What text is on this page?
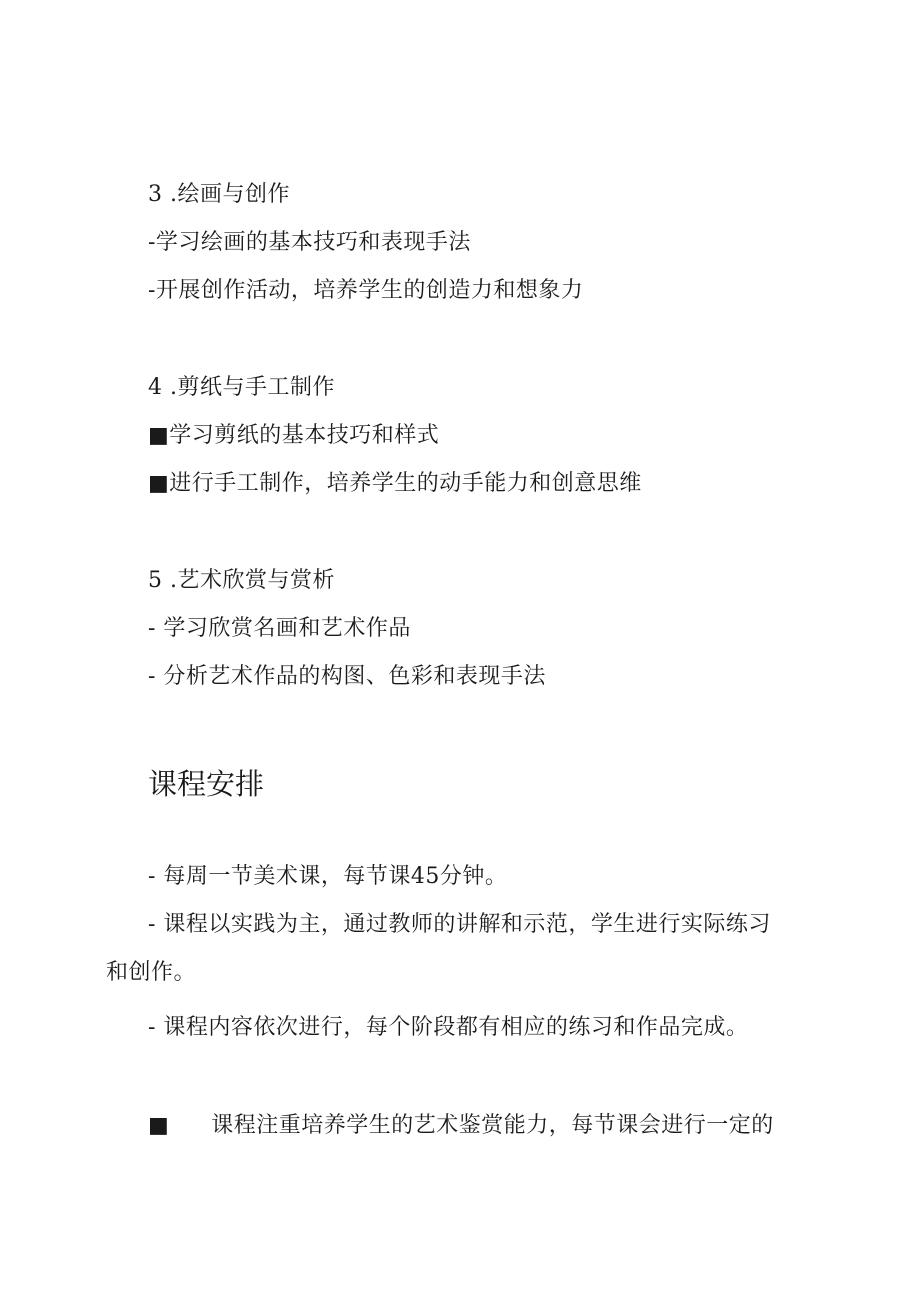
3 .绘画与创作
-学习绘画的基本技巧和表现手法
-开展创作活动，培养学生的创造力和想象力
4 .剪纸与手工制作
■学习剪纸的基本技巧和样式
■进行手工制作，培养学生的动手能力和创意思维
5 .艺术欣赏与赏析
- 学习欣赏名画和艺术作品
- 分析艺术作品的构图、色彩和表现手法
课程安排
- 每周一节美术课，每节课45分钟。
- 课程以实践为主，通过教师的讲解和示范，学生进行实际练习
和创作。
- 课程内容依次进行，每个阶段都有相应的练习和作品完成。
■ 课程注重培养学生的艺术鉴赏能力，每节课会进行一定的
